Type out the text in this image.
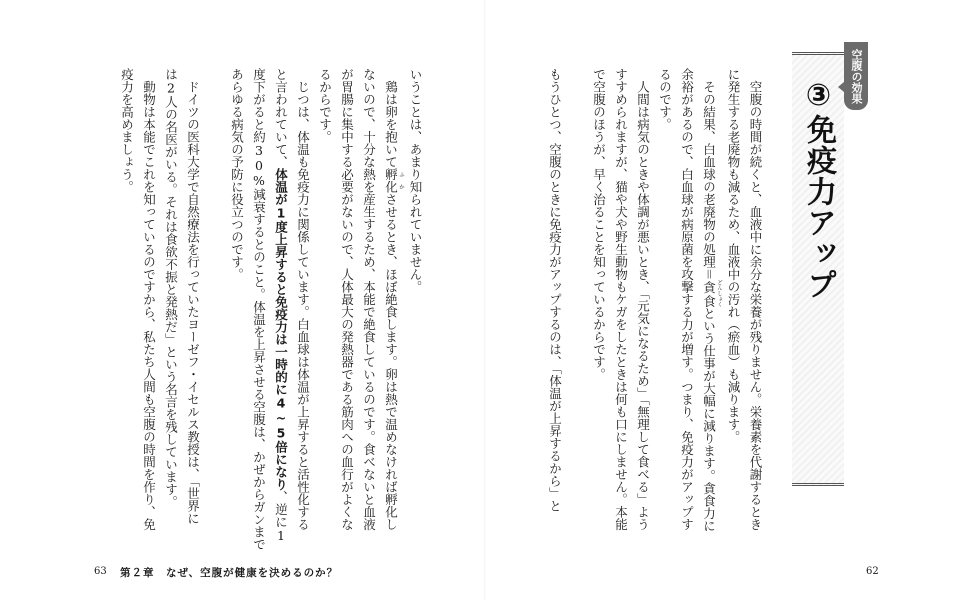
空腹の効果
③免疫力アップ
　空腹の時間が続くと、血液中に余分な栄養が残りません。栄養素を代謝するとき
に発生する老廃物も減るため、血液中の汚れ（瘀血）も減ります。
　その結果、白血球の老廃物の処理＝貪食 どんしょくという仕事が大幅に減ります。貪食力に
余裕があるので、白血球が病原菌を攻撃する力が増す。つまり、免疫力がアップす
るのです。
　人間は病気のときや体調が悪いとき、「元気になるため」「無理して食べる」よう
すすめられますが、猫や犬や野生動物もケガをしたときは何も口にしません。本能
で空腹のほうが、早く治ることを知っているからです。
もうひとつ、空腹のときに免疫力がアップするのは、「体温が上昇するから」と
62
いうことは、あまり知られていません。
　鶏は卵を抱いて孵化 ふかさせるとき、ほぼ絶食します。卵は熱で温めなければ孵化し
ないので、十分な熱を産生するため、本能で絶食しているのです。食べないと血液
が胃腸に集中する必要がないので、人体最大の発熱器である筋肉への血行がよくな
るからです。
　じつは、体温も免疫力に関係しています。白血球は体温が上昇すると活性化する
と言われていて、体温が1度上昇すると免疫力は一時的に4~5倍になり、逆に1
度下がると約30%減衰するとのこと。体温を上昇させる空腹は、かぜからガンまで
あらゆる病気の予防に役立つのです。
　ドイツの医科大学で自然療法を行っていたヨーゼフ・イセルス教授は、「世界に
は2人の名医がいる。それは食欲不振と発熱だ」という名言を残しています。
　動物は本能でこれを知っているのですから、私たち人間も空腹の時間を作り、免
疫力を高めましょう。
63 第２章　なぜ、空腹が健康を決めるのか？
